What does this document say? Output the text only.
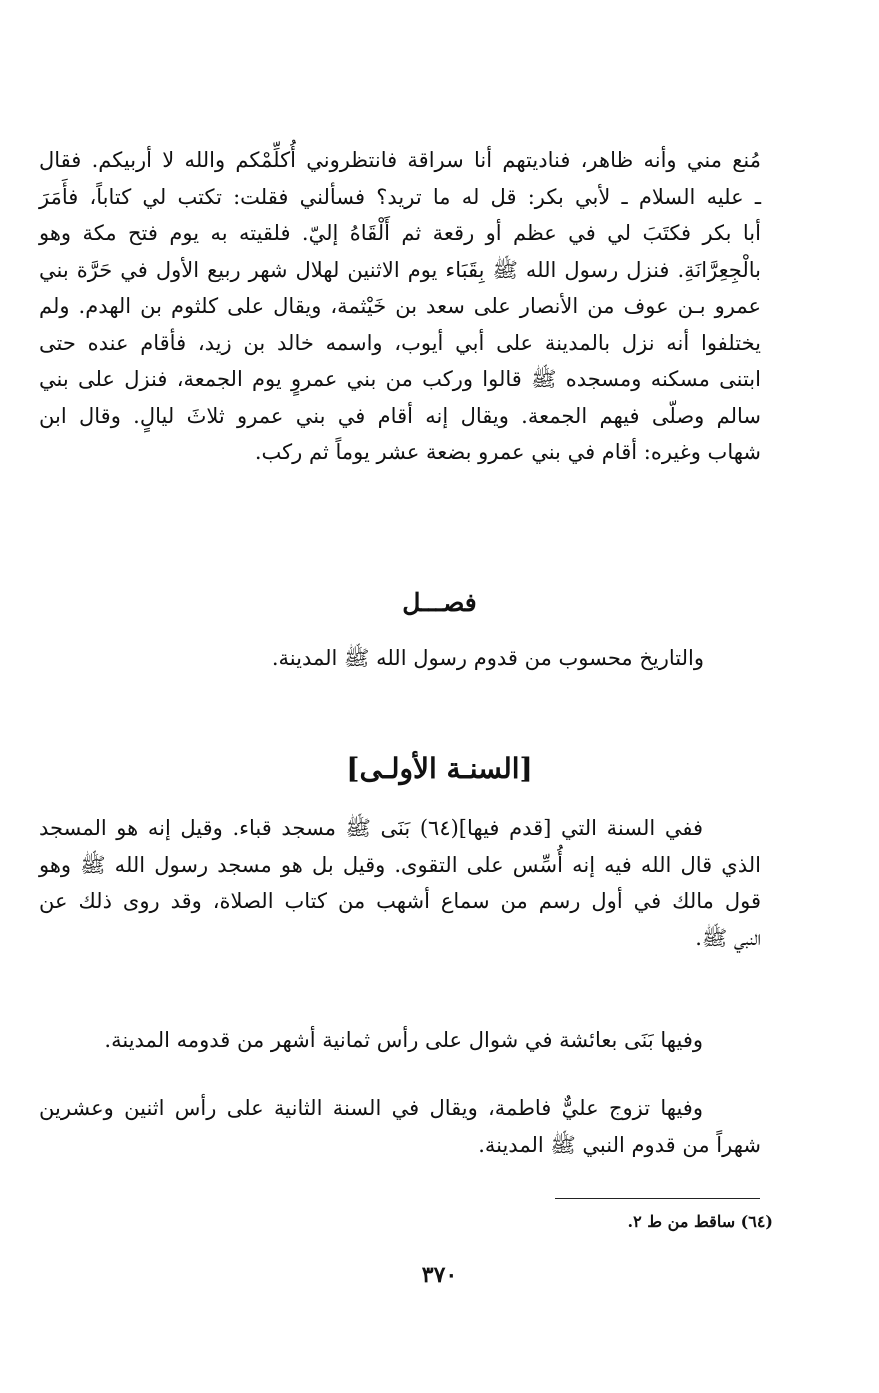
مُنع مني وأنه ظاهر، فناديتهم أنا سراقة فانتظروني أُكلِّمْكم والله لا أربيكم. فقال
ـ عليه السلام ـ لأبي بكر: قل له ما تريد؟ فسألني فقلت: تكتب لي كتاباً، فأَمَرَ
أبا بكر فكتَبَ لي في عظم أو رقعة ثم أَلْقَاهُ إليّ. فلقيته به يوم فتح مكة وهو
بالْجِعِرَّانَةِ. فنزل رسول الله ﷺ بِقَبَاء يوم الاثنين لهلال شهر ربيع الأول في حَرَّة بني
عمرو بـن عوف من الأنصار على سعد بن خَيْثمة، ويقال على كلثوم بن الهدم. ولم
يختلفوا أنه نزل بالمدينة على أبي أيوب، واسمه خالد بن زيد، فأقام عنده حتى
ابتنى مسكنه ومسجده ﷺ قالوا وركب من بني عمروٍ يوم الجمعة، فنزل على بني
سالم وصلّى فيهم الجمعة. ويقال إنه أقام في بني عمرو ثلاثَ ليالٍ. وقال ابن
شهاب وغيره: أقام في بني عمرو بضعة عشر يوماً ثم ركب.
فصـــل
والتاريخ محسوب من قدوم رسول الله ﷺ المدينة.
[السنـة الأولـى]
ففي السنة التي [قدم فيها](٦٤) بَنَى ﷺ مسجد قباء. وقيل إنه هو المسجد
الذي قال الله فيه إنه أُسِّس على التقوى. وقيل بل هو مسجد رسول الله ﷺ وهو
قول مالك في أول رسم من سماع أشهب من كتاب الصلاة، وقد روى ذلك عن
النبي ﷺ.
وفيها بَنَى بعائشة في شوال على رأس ثمانية أشهر من قدومه المدينة.
وفيها تزوج عليٌّ فاطمة، ويقال في السنة الثانية على رأس اثنين وعشرين
شهراً من قدوم النبي ﷺ المدينة.
(٦٤) ساقط من ط ٢.
٣٧٠
